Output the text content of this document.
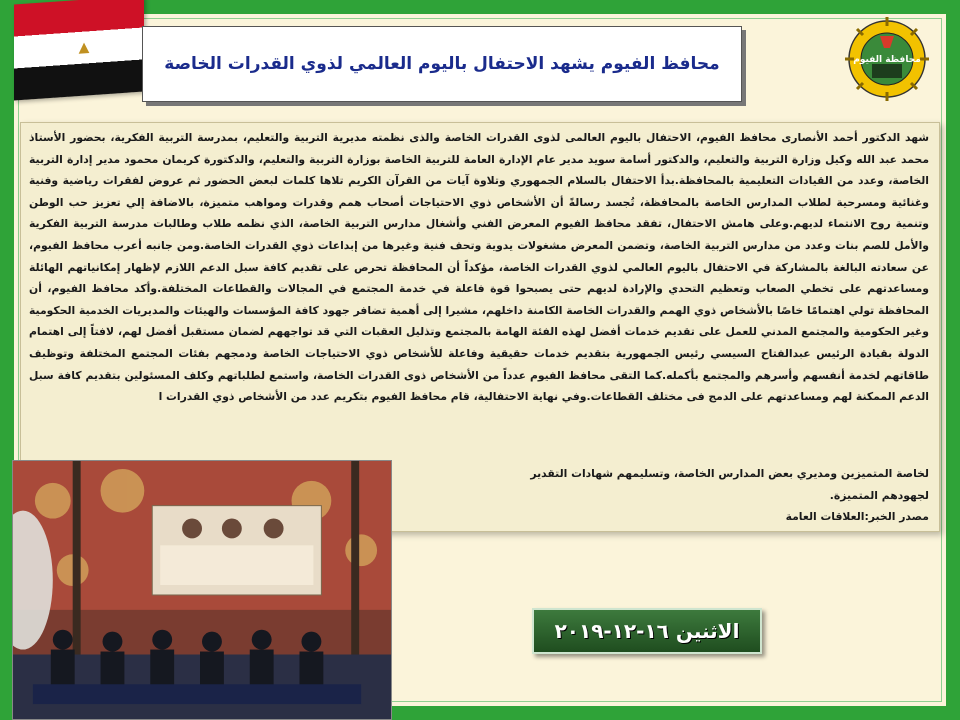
▲
محافظ الفيوم يشهد الاحتفال باليوم العالمي لذوي القدرات الخاصة	محافظة الفيوم
شهد الدكتور أحمد الأنصارى محافظ الفيوم، الاحتفال باليوم العالمى لذوى القدرات الخاصة والذى نظمته مديرية التربية والتعليم، بمدرسة التربية الفكرية، بحضور الأستاذ محمد عبد الله وكيل وزارة التربية والتعليم، والدكتور أسامة سويد مدير عام الإدارة العامة للتربية الخاصة بوزارة التربية والتعليم، والدكتورة كريمان محمود مدير إدارة التربية الخاصة، وعدد من القيادات التعليمية بالمحافظة.بدأ الاحتفال بالسلام الجمهوري وتلاوة آيات من القرآن الكريم تلاها كلمات لبعض الحضور ثم عروض لفقرات رياضية وفنية وغنائية ومسرحية لطلاب المدارس الخاصة بالمحافظة، تُجسد رسالةً أن الأشخاص ذوي الاحتياجات أصحاب همم وقدرات ومواهب متميزة، بالاضافة إلي تعزيز حب الوطن وتنمية روح الانتماء لديهم.وعلى هامش الاحتفال، تفقد محافظ الفيوم المعرض الفني وأشغال مدارس التربية الخاصة، الذي نظمه طلاب وطالبات مدرسة التربية الفكرية والأمل للصم بنات وعدد من مدارس التربية الخاصة، وتضمن المعرض مشغولات يدوية وتحف فنية وغيرها من إبداعات ذوي القدرات الخاصة.ومن جانبه أعرب محافظ الفيوم، عن سعادته البالغة بالمشاركة في الاحتفال باليوم العالمي لذوي القدرات الخاصة، مؤكداً أن المحافظة تحرص على تقديم كافة سبل الدعم اللازم لإظهار إمكانياتهم الهائلة ومساعدتهم على تخطي الصعاب وتعظيم التحدي والإرادة لديهم حتى يصبحوا قوة فاعلة في خدمة المجتمع في المجالات والقطاعات المختلفة.وأكد محافظ الفيوم، أن المحافظة تولي اهتمامًا خاصًا بالأشخاص ذوي الهمم والقدرات الخاصة الكامنة داخلهم، مشيرا إلى أهمية تضافر جهود كافة المؤسسات والهيئات والمديريات الخدمية الحكومية وغير الحكومية والمجتمع المدني للعمل على تقديم خدمات أفضل لهذه الفئة الهامة بالمجتمع وتذليل العقبات التي قد تواجههم لضمان مستقبل أفضل لهم، لافتاً إلى اهتمام الدولة بقيادة الرئيس عبدالفتاح السيسي رئيس الجمهورية بتقديم خدمات حقيقية وفاعلة للأشخاص ذوي الاحتياجات الخاصة ودمجهم بفئات المجتمع المختلفة وتوظيف طاقاتهم لخدمة أنفسهم وأسرهم والمجتمع بأكمله.كما التقى محافظ الفيوم عدداً من الأشخاص ذوى القدرات الخاصة، واستمع لطلباتهم وكلف المسئولين بتقديم كافة سبل الدعم الممكنة لهم ومساعدتهم على الدمج فى مختلف القطاعات.وفي نهاية الاحتفالية، قام محافظ الفيوم بتكريم عدد من الأشخاص ذوي القدرات ا
لخاصة المتميزين ومديري بعض المدارس الخاصة، وتسليمهم شهادات التقدير
لجهودهم المتميزة.
مصدر الخبر:العلاقات العامة
الاثنين ١٦-١٢-٢٠١٩
